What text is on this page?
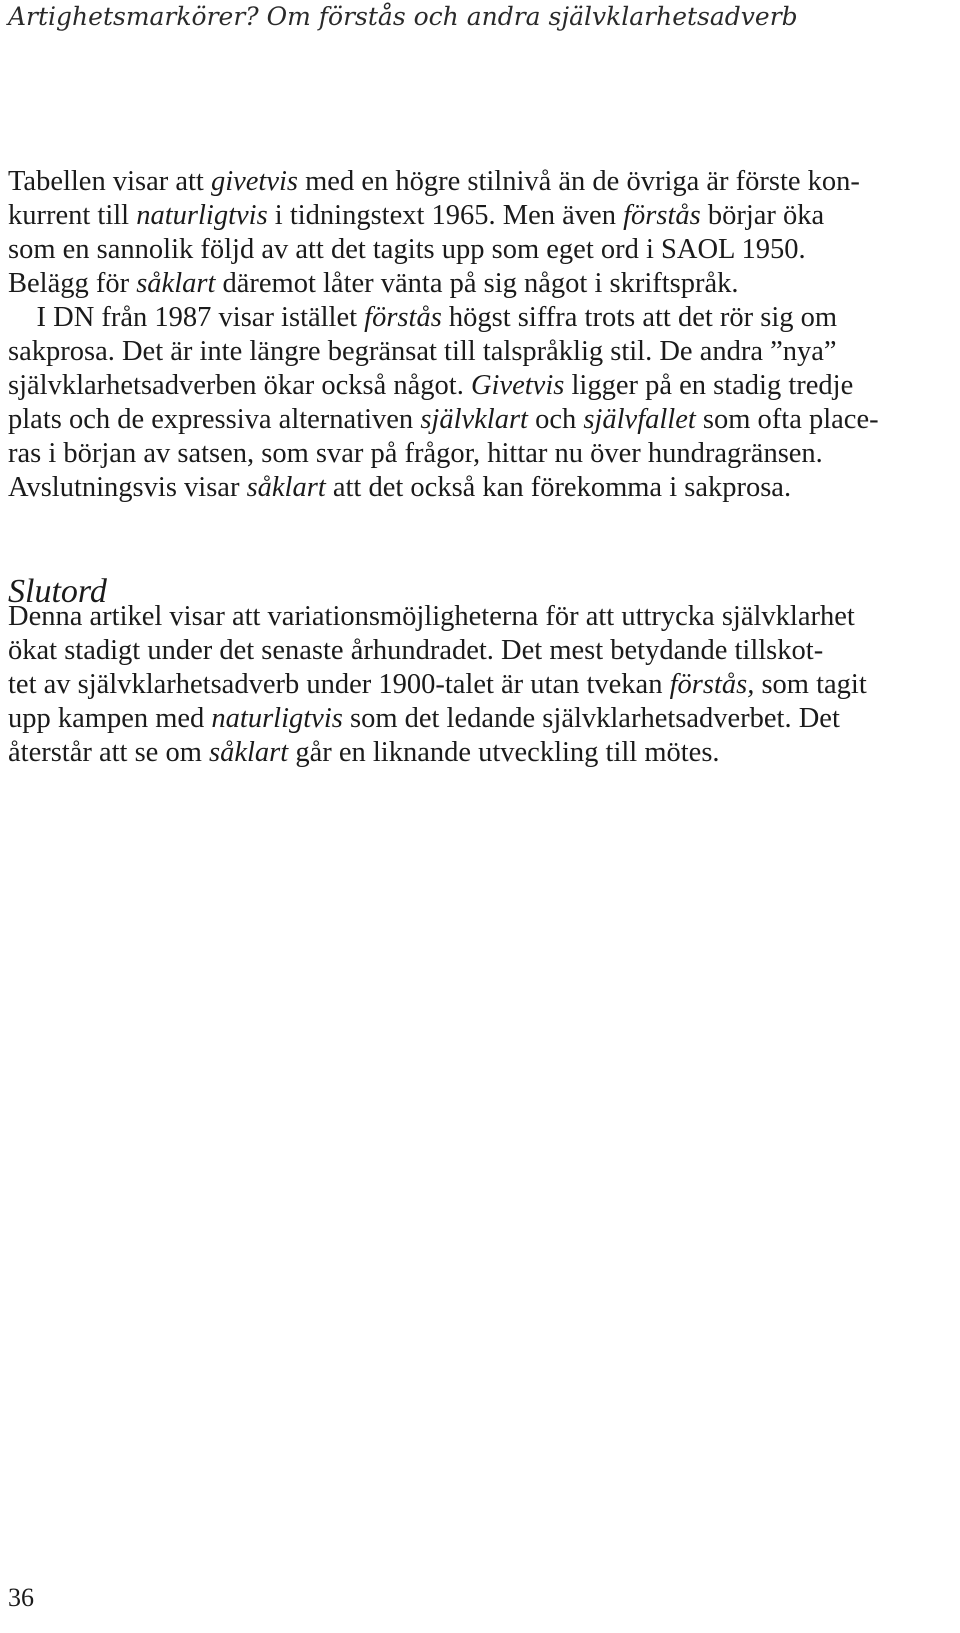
Artighetsmarkörer? Om förstås och andra självklarhetsadverb
Tabellen visar att givetvis med en högre stilnivå än de övriga är förste kon-
kurrent till naturligtvis i tidningstext 1965. Men även förstås börjar öka
som en sannolik följd av att det tagits upp som eget ord i SAOL 1950.
Belägg för såklart däremot låter vänta på sig något i skriftspråk.
 I DN från 1987 visar istället förstås högst siffra trots att det rör sig om
sakprosa. Det är inte längre begränsat till talspråklig stil. De andra ”nya”
självklarhetsadverben ökar också något. Givetvis ligger på en stadig tredje
plats och de expressiva alternativen självklart och självfallet som ofta place-
ras i början av satsen, som svar på frågor, hittar nu över hundragränsen.
Avslutningsvis visar såklart att det också kan förekomma i sakprosa.
Slutord
Denna artikel visar att variationsmöjligheterna för att uttrycka självklarhet
ökat stadigt under det senaste århundradet. Det mest betydande tillskot-
tet av självklarhetsadverb under 1900-talet är utan tvekan förstås, som tagit
upp kampen med naturligtvis som det ledande självklarhetsadverbet. Det
återstår att se om såklart går en liknande utveckling till mötes.
36
